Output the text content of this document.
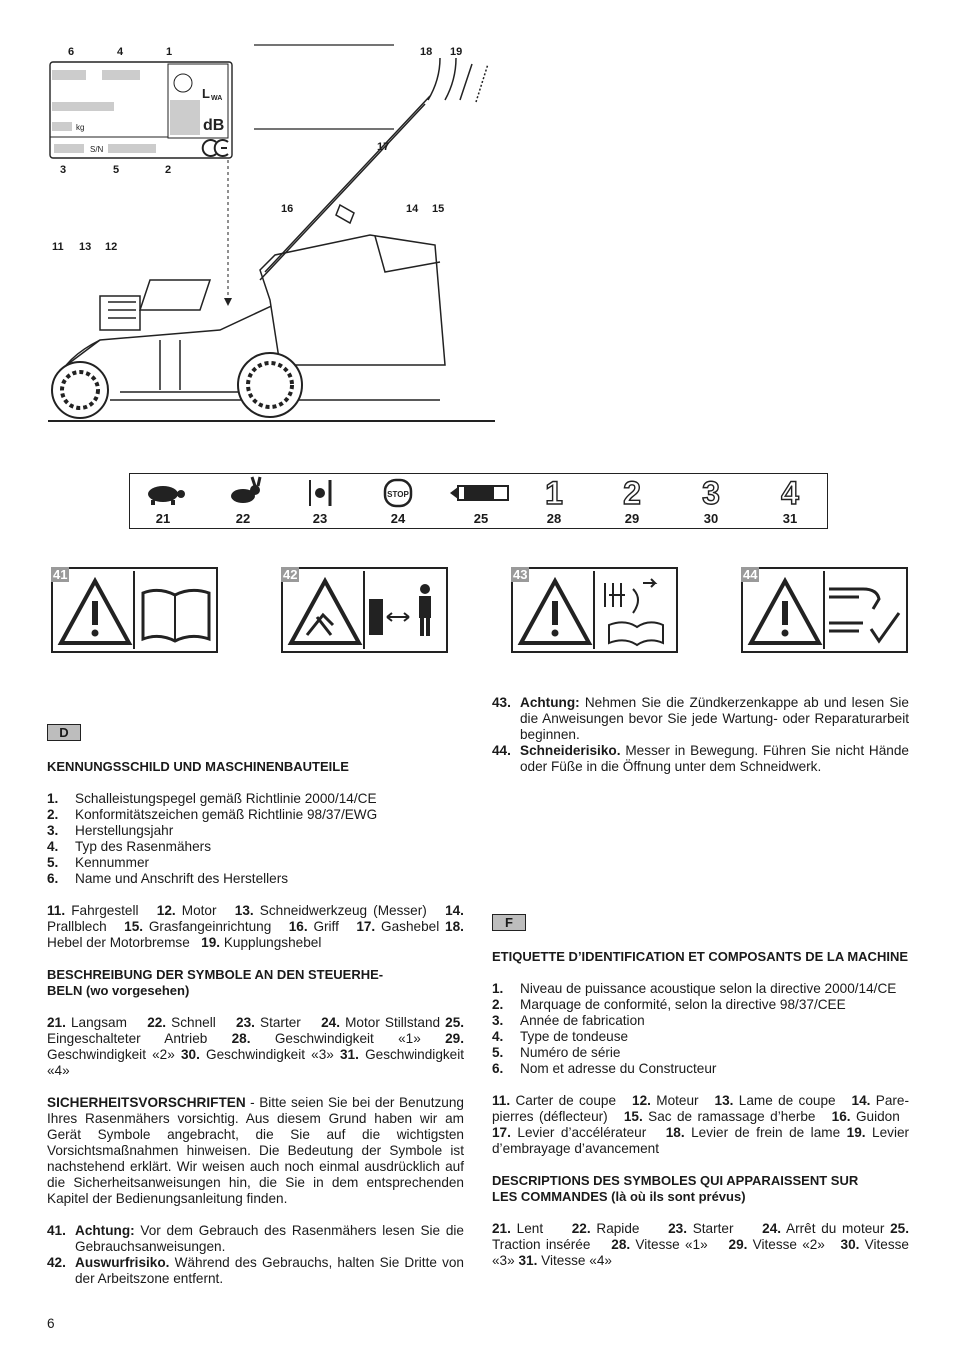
L WA
dB
kg
S/N
6	4	1
3	5	2
18 19
17
16	14 15
11 13 12
21	22	23
STOP
24	25
1
28
2
29
3
30
4
31
41	42	43	44
D

KENNUNGSSCHILD UND MASCHINENBAUTEILE

1. Schalleistungspegel gemäß Richtlinie 2000/14/CE
2. Konformitätszeichen gemäß Richtlinie 98/37/EWG
3. Herstellungsjahr
4. Typ des Rasenmähers
5. Kennummer
6. Name und Anschrift des Herstellers

11. Fahrgestell 12. Motor 13. Schneidwerkzeug (Messer) 14. Prallblech 15. Grasfangeinrichtung 16. Griff 17. Gashebel 18. Hebel der Motorbremse 19. Kupplungshebel

BESCHREIBUNG DER SYMBOLE AN DEN STEUERHE-
BELN (wo vorgesehen)

21. Langsam 22. Schnell 23. Starter 24. Motor Stillstand 25. Eingeschalteter Antrieb 28. Geschwindigkeit «1» 29. Geschwindigkeit «2» 30. Geschwindigkeit «3» 31. Geschwindigkeit «4»

SICHERHEITSVORSCHRIFTEN - Bitte seien Sie bei der Benutzung Ihres Rasenmähers vorsichtig. Aus diesem Grund haben wir am Gerät Symbole angebracht, die Sie auf die wichtigsten Vorsichtsmaßnahmen hinweisen. Die Bedeutung der Symbole ist nachstehend erklärt. Wir weisen auch noch einmal ausdrücklich auf die Sicherheitsanweisungen hin, die Sie in dem entsprechenden Kapitel der Bedienungsanleitung finden.

41. Achtung: Vor dem Gebrauch des Rasenmähers lesen Sie die Gebrauchsanweisungen.
42. Auswurfrisiko. Während des Gebrauchs, halten Sie Dritte von der Arbeitszone entfernt.
6
43. Achtung: Nehmen Sie die Zündkerzenkappe ab und lesen Sie die Anweisungen bevor Sie jede Wartung- oder Reparaturarbeit beginnen.
44. Schneiderisiko. Messer in Bewegung. Führen Sie nicht Hände oder Füße in die Öffnung unter dem Schneidwerk.
F

ETIQUETTE D’IDENTIFICATION ET COMPOSANTS DE LA MACHINE

1. Niveau de puissance acoustique selon la directive 2000/14/CE
2. Marquage de conformité, selon la directive 98/37/CEE
3. Année de fabrication
4. Type de tondeuse
5. Numéro de série
6. Nom et adresse du Constructeur

11. Carter de coupe 12. Moteur 13. Lame de coupe 14. Pare-pierres (déflecteur) 15. Sac de ramassage d’herbe 16. Guidon   17. Levier d’accélérateur 18. Levier de frein de lame 19. Levier d’embrayage d’avancement

DESCRIPTIONS DES SYMBOLES QUI APPARAISSENT SUR
LES COMMANDES (là où ils sont prévus)

21. Lent 22. Rapide 23. Starter 24. Arrêt du moteur 25. Traction insérée 28. Vitesse «1» 29. Vitesse «2» 30. Vitesse «3» 31. Vitesse «4»
